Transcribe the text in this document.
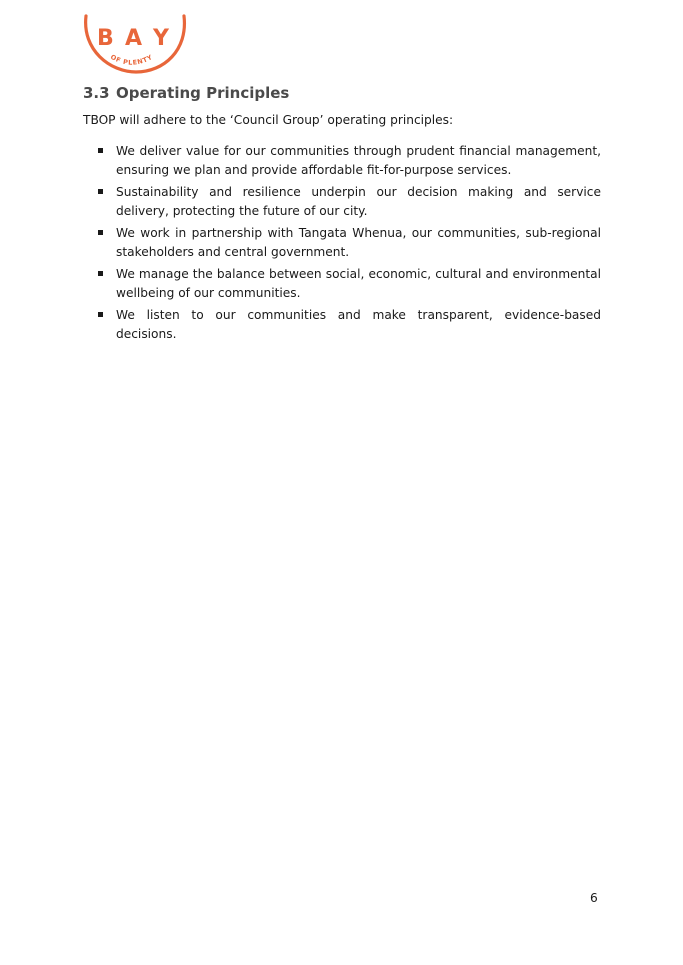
B A Y
OF PLENTY
3.3 Operating Principles

TBOP will adhere to the ‘Council Group’ operating principles:

We deliver value for our communities through prudent financial management, ensuring we plan and provide affordable fit-for-purpose services.
Sustainability and resilience underpin our decision making and service delivery, protecting the future of our city.
We work in partnership with Tangata Whenua, our communities, sub-regional stakeholders and central government.
We manage the balance between social, economic, cultural and environmental wellbeing of our communities.
We listen to our communities and make transparent, evidence-based decisions.
6
